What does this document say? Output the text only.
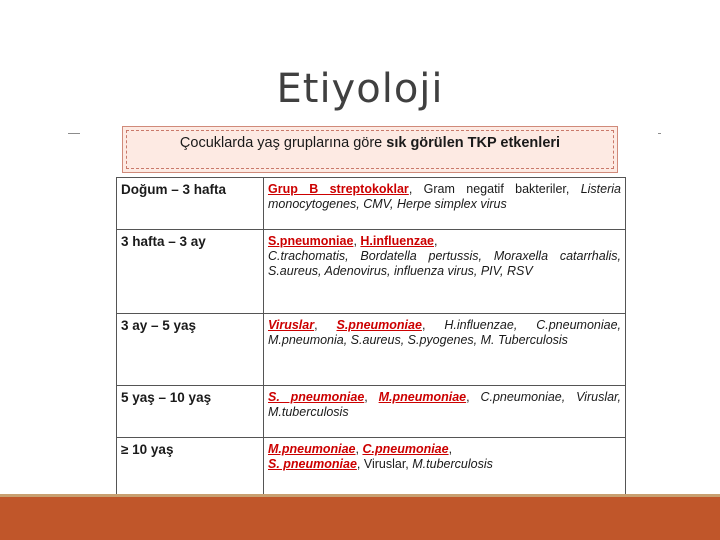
Etiyoloji
Çocuklarda yaş gruplarına göre sık görülen TKP etkenleri
Doğum – 3 hafta	Grup B streptokoklar, Gram negatif bakteriler, Listeria monocytogenes, CMV, Herpe simplex virus
3 hafta – 3 ay	S.pneumoniae, H.influenzae,
C.trachomatis, Bordatella pertussis, Moraxella catarrhalis, S.aureus, Adenovirus, influenza virus, PIV, RSV
3 ay – 5 yaş	Viruslar, S.pneumoniae, H.influenzae, C.pneumoniae, M.pneumonia, S.aureus, S.pyogenes, M. Tuberculosis
5 yaş – 10 yaş	S. pneumoniae, M.pneumoniae, C.pneumoniae, Viruslar, M.tuberculosis
≥ 10 yaş	M.pneumoniae, C.pneumoniae,
S. pneumoniae, Viruslar, M.tuberculosis
